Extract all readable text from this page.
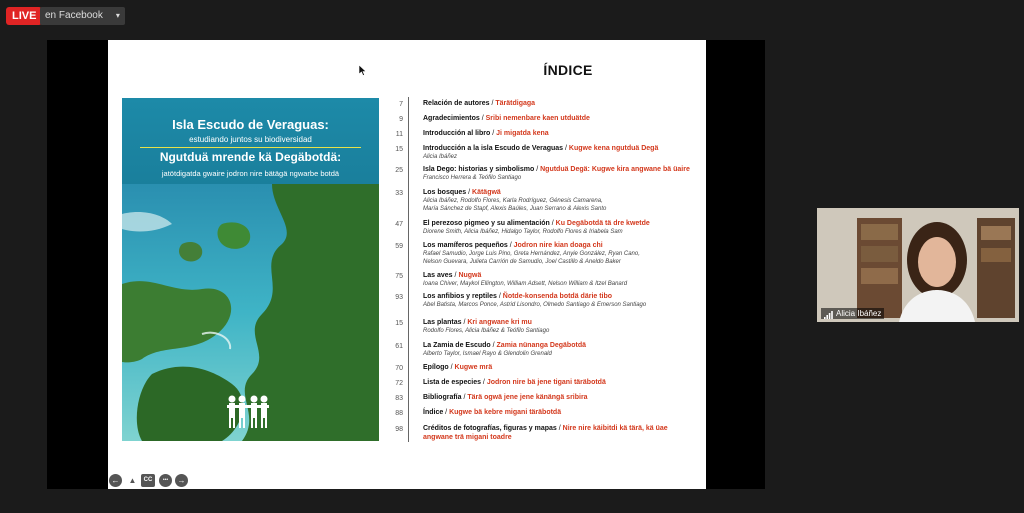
LIVE en Facebook ▾
ÍNDICE
Isla Escudo de Veraguas:
estudiando juntos su biodiversidad
Ngutduä mrende kä Degäbotdä:
jatötdigatda gwaire jodron nire bätägä ngwarbe botdä
7	Relación de autores / Tärätdigaga
9	Agradecimientos / Sribi nemenbare kaen utduätde
11	Introducción al libro / Ji migatda kena
15	Introducción a la isla Escudo de Veraguas / Kugwe kena ngutduä Degä
Alicia Ibáñez
25	Isla Dego: historias y simbolismo / Ngutduä Degä: Kugwe kira angwane bä üaire
Francisco Herrera & Teófilo Santiago
33	Los bosques / Kätägwä
Alicia Ibáñez, Rodolfo Flores, Karla Rodríguez, Génesis Camarena,
María Sánchez de Stapf, Alexis Baúles, Juan Serrano & Alexis Santo
47	El perezoso pigmeo y su alimentación / Ku Degäbotdä tä dre kwetde
Diorene Smith, Alicia Ibáñez, Hidalgo Taylor, Rodolfo Flores & Iriabela Sam
59	Los mamíferos pequeños / Jodron nire kian doaga chi
Rafael Samudio, Jorge Luis Pino, Greta Hernández, Anyie González, Ryan Cano,
Nelson Guevara, Julieta Carrión de Samudio, Joel Castillo & Aneldo Baker
75	Las aves / Nugwä
Ioana Chiver, Maykol Ellington, William Adsett, Nelson William & Itzel Banard
93	Los anfibios y reptiles / Ñotde-konsenda botdä därie tibo
Abel Batista, Marcos Ponce, Astrid Lisondro, Olmedo Santiago & Emerson Santiago
15	Las plantas / Kri angwane kri mu
Rodolfo Flores, Alicia Ibáñez & Teófilo Santiago
61	La Zamia de Escudo / Zamia nünanga Degäbotdä
Alberto Taylor, Ismael Rayo & Glendolin Grenald
70	Epílogo / Kugwe mrä
72	Lista de especies / Jodron nire bä jene tigani täräbotdä
83	Bibliografía / Tärä ogwä jene jene känängä sribira
88	Índice / Kugwe bä kebre migani täräbotdä
98	Créditos de fotografías, figuras y mapas / Nire nire käibitdi kä tärä, kä üae
angwane trä migani toadre
←	▲	CC	•••	→
Alicia Ibáñez
